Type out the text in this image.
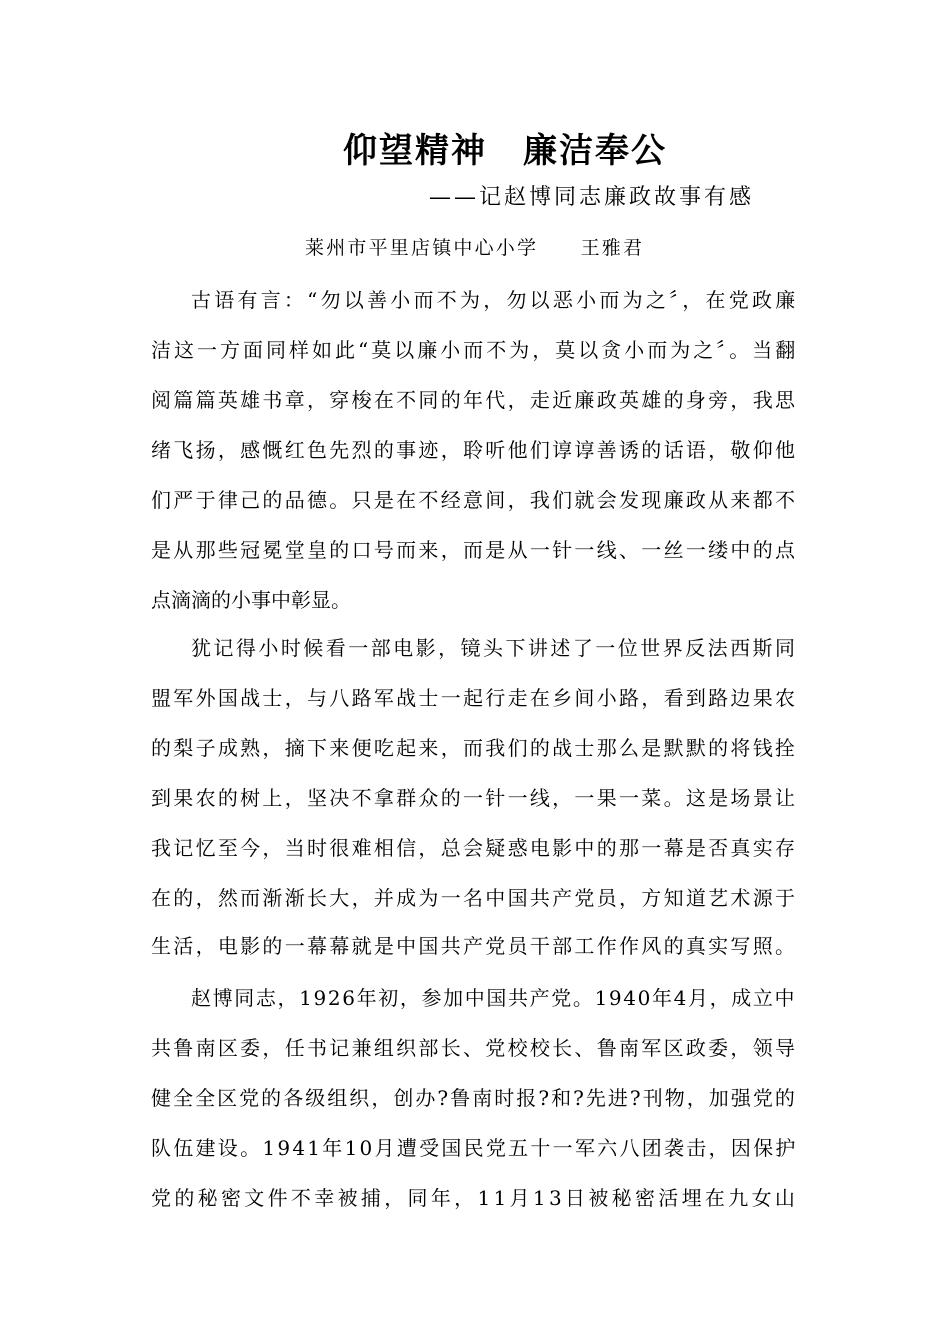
仰望精神　廉洁奉公
——记赵博同志廉政故事有感
莱州市平里店镇中心小学　　王雅君
古语有言：“勿以善小而不为，勿以恶小而为之〞，在党政廉
洁这一方面同样如此“莫以廉小而不为，莫以贪小而为之〞。当翻
阅篇篇英雄书章，穿梭在不同的年代，走近廉政英雄的身旁，我思
绪飞扬，感慨红色先烈的事迹，聆听他们谆谆善诱的话语，敬仰他
们严于律己的品德。只是在不经意间，我们就会发现廉政从来都不
是从那些冠冕堂皇的口号而来，而是从一针一线、一丝一缕中的点
点滴滴的小事中彰显。
犹记得小时候看一部电影，镜头下讲述了一位世界反法西斯同
盟军外国战士，与八路军战士一起行走在乡间小路，看到路边果农
的梨子成熟，摘下来便吃起来，而我们的战士那么是默默的将钱拴
到果农的树上，坚决不拿群众的一针一线，一果一菜。这是场景让
我记忆至今，当时很难相信，总会疑惑电影中的那一幕是否真实存
在的，然而渐渐长大，并成为一名中国共产党员，方知道艺术源于
生活，电影的一幕幕就是中国共产党员干部工作作风的真实写照。
赵博同志，1926年初，参加中国共产党。1940年4月，成立中
共鲁南区委，任书记兼组织部长、党校校长、鲁南军区政委，领导
健全全区党的各级组织，创办?鲁南时报?和?先进?刊物，加强党的
队伍建设。1941年10月遭受国民党五十一军六八团袭击，因保护
党的秘密文件不幸被捕，同年，11月13日被秘密活埋在九女山
